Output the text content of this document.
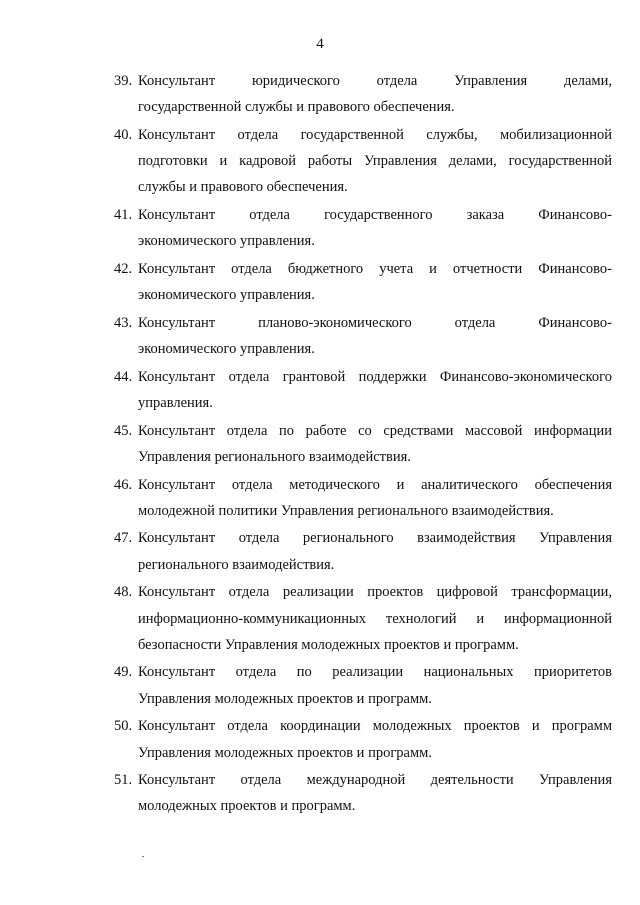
4
39. Консультант юридического отдела Управления делами,
государственной службы и правового обеспечения.
40. Консультант отдела государственной службы, мобилизационной
подготовки и кадровой работы Управления делами, государственной
службы и правового обеспечения.
41. Консультант отдела государственного заказа Финансово-
экономического управления.
42. Консультант отдела бюджетного учета и отчетности Финансово-
экономического управления.
43. Консультант планово-экономического отдела Финансово-
экономического управления.
44. Консультант отдела грантовой поддержки Финансово-экономического
управления.
45. Консультант отдела по работе со средствами массовой информации
Управления регионального взаимодействия.
46. Консультант отдела методического и аналитического обеспечения
молодежной политики Управления регионального взаимодействия.
47. Консультант отдела регионального взаимодействия Управления
регионального взаимодействия.
48. Консультант отдела реализации проектов цифровой трансформации,
информационно-коммуникационных технологий и информационной
безопасности Управления молодежных проектов и программ.
49. Консультант отдела по реализации национальных приоритетов
Управления молодежных проектов и программ.
50. Консультант отдела координации молодежных проектов и программ
Управления молодежных проектов и программ.
51. Консультант отдела международной деятельности Управления
молодежных проектов и программ.
